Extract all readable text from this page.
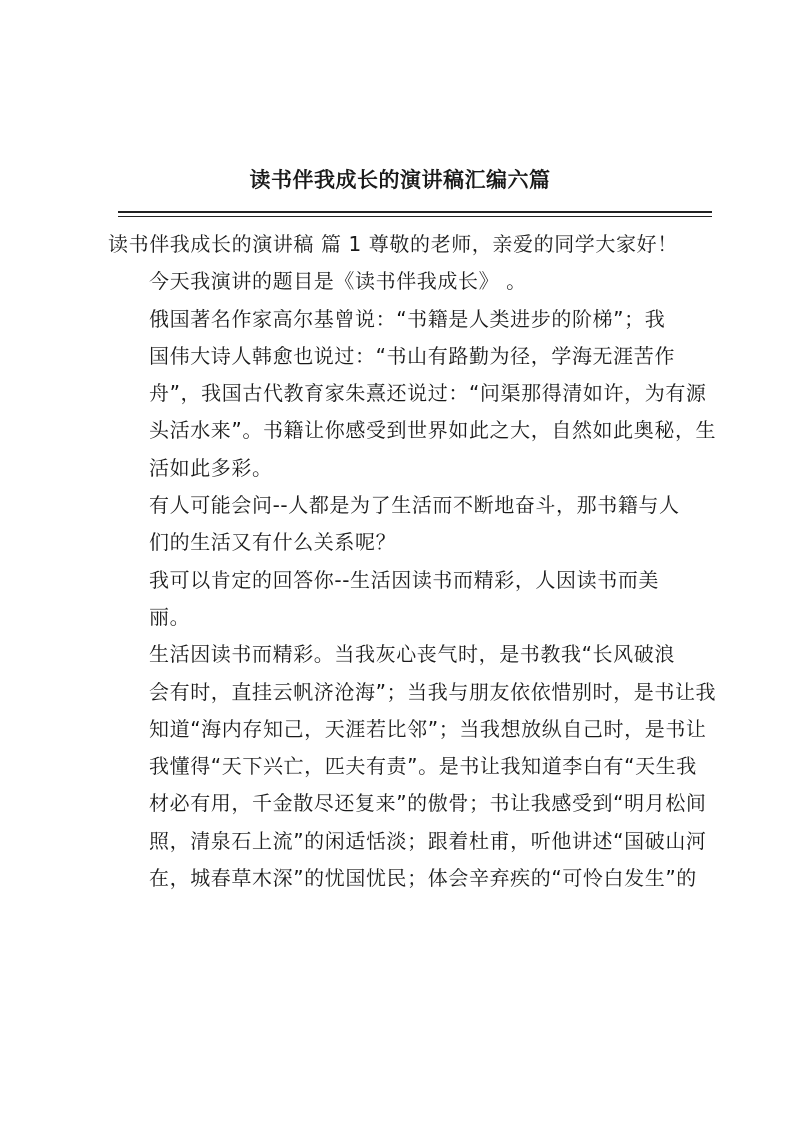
读书伴我成长的演讲稿汇编六篇

读书伴我成长的演讲稿 篇 1 尊敬的老师，亲爱的同学大家好！

今天我演讲的题目是《读书伴我成长》 。

俄国著名作家高尔基曾说：“书籍是人类进步的阶梯”；我
国伟大诗人韩愈也说过：“书山有路勤为径，学海无涯苦作
舟”，我国古代教育家朱熹还说过：“问渠那得清如许，为有源
头活水来”。书籍让你感受到世界如此之大，自然如此奥秘，生
活如此多彩。

有人可能会问--人都是为了生活而不断地奋斗，那书籍与人
们的生活又有什么关系呢？

我可以肯定的回答你--生活因读书而精彩，人因读书而美
丽。

生活因读书而精彩。当我灰心丧气时，是书教我“长风破浪
会有时，直挂云帆济沧海”；当我与朋友依依惜别时，是书让我
知道“海内存知己，天涯若比邻”；当我想放纵自己时，是书让
我懂得“天下兴亡，匹夫有责”。是书让我知道李白有“天生我
材必有用，千金散尽还复来”的傲骨；书让我感受到“明月松间
照，清泉石上流”的闲适恬淡；跟着杜甫，听他讲述“国破山河
在，城春草木深”的忧国忧民；体会辛弃疾的“可怜白发生”的
